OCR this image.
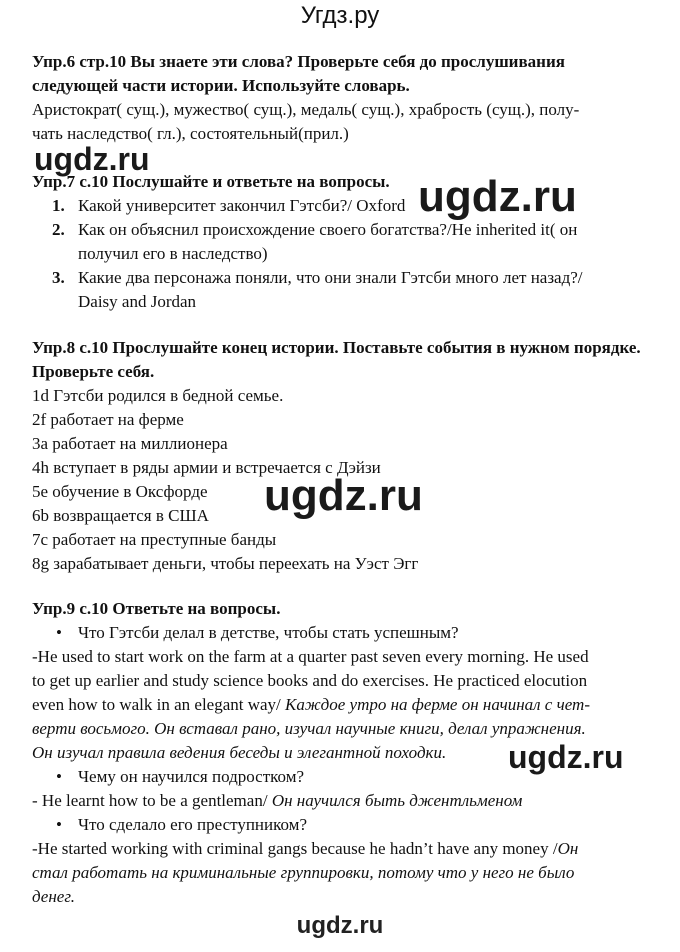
Угдз.ру
Упр.6 стр.10 Вы знаете эти слова? Проверьте себя до прослушивания следующей части истории. Используйте словарь.
Аристократ( сущ.), мужество( сущ.), медаль( сущ.), храбрость (сущ.), полу-
чать наследство( гл.), состоятельный(прил.)
ugdz.ru
Упр.7 с.10 Послушайте и ответьте на вопросы. ugdz.ru
1. Какой университет закончил Гэтсби?/ Oxford
2. Как он объяснил происхождение своего богатства?/He inherited it( он
получил его в наследство)
3. Какие два персонажа поняли, что они знали Гэтсби много лет назад?/
Daisy and Jordan
Упр.8 с.10 Прослушайте конец истории. Поставьте события в нужном порядке. Проверьте себя.
1d Гэтсби родился в бедной семье.
2f работает на ферме
3a работает на миллионера
4h вступает в ряды армии и встречается с Дэйзи
5e обучение в Оксфорде
6b возвращается в США
7c работает на преступные банды
8g зарабатывает деньги, чтобы переехать на Уэст Эгг
ugdz.ru
Упр.9 с.10 Ответьте на вопросы.
• Что Гэтсби делал в детстве, чтобы стать успешным?
-He used to start work on the farm at a quarter past seven every morning. He used
to get up earlier and study science books and do exercises. He practiced elocution
even how to walk in an elegant way/ Каждое утро на ферме он начинал с чет-
верти восьмого. Он вставал рано, изучал научные книги, делал упражнения.
Он изучал правила ведения беседы и элегантной походки. ugdz.ru
• Чему он научился подростком?
- He learnt how to be a gentleman/ Он научился быть джентльменом
• Что сделало его преступником?
-He started working with criminal gangs because he hadn’t have any money /Он
стал работать на криминальные группировки, потому что у него не было
денег.
ugdz.ru
